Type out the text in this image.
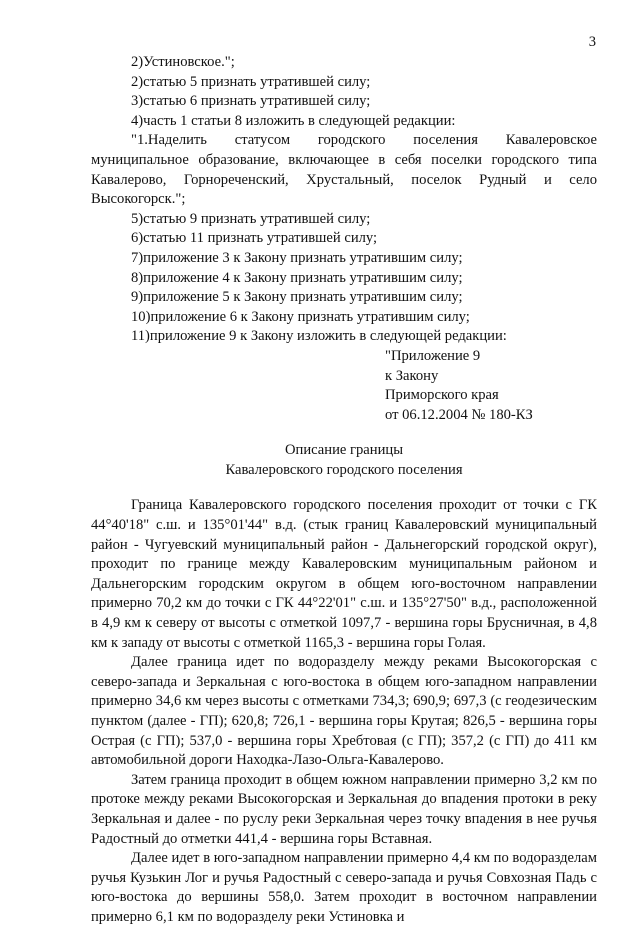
3
2)Устиновское.";
2)статью 5 признать утратившей силу;
3)статью 6 признать утратившей силу;
4)часть 1 статьи 8 изложить в следующей редакции:

"1.Наделить статусом городского поселения Кавалеровское муниципальное образование, включающее в себя поселки городского типа Кавалерово, Горнореченский, Хрустальный, поселок Рудный и село Высокогорск.";

5)статью 9 признать утратившей силу;
6)статью 11 признать утратившей силу;
7)приложение 3 к Закону признать утратившим силу;
8)приложение 4 к Закону признать утратившим силу;
9)приложение 5 к Закону признать утратившим силу;
10)приложение 6 к Закону признать утратившим силу;
11)приложение 9 к Закону изложить в следующей редакции:
"Приложение 9
к Закону
Приморского края
от 06.12.2004 № 180-КЗ
Описание границы
Кавалеровского городского поселения

Граница Кавалеровского городского поселения проходит от точки с ГК 44°40'18" с.ш. и 135°01'44" в.д. (стык границ Кавалеровский муниципальный район - Чугуевский муниципальный район - Дальнегорский городской округ), проходит по границе между Кавалеровским муниципальным районом и Дальнегорским городским округом в общем юго-восточном направлении примерно 70,2 км до точки с ГК 44°22'01" с.ш. и 135°27'50" в.д., расположенной в 4,9 км к северу от высоты с отметкой 1097,7 - вершина горы Брусничная, в 4,8 км к западу от высоты с отметкой 1165,3 - вершина горы Голая.

Далее граница идет по водоразделу между реками Высокогорская с северо-запада и Зеркальная с юго-востока в общем юго-западном направлении примерно 34,6 км через высоты с отметками 734,3; 690,9; 697,3 (с геодезическим пунктом (далее - ГП); 620,8; 726,1 - вершина горы Крутая; 826,5 - вершина горы Острая (с ГП); 537,0 - вершина горы Хребтовая (с ГП); 357,2 (с ГП) до 411 км автомобильной дороги Находка-Лазо-Ольга-Кавалерово.

Затем граница проходит в общем южном направлении примерно 3,2 км по протоке между реками Высокогорская и Зеркальная до впадения протоки в реку Зеркальная и далее - по руслу реки Зеркальная через точку впадения в нее ручья Радостный до отметки 441,4 - вершина горы Вставная.

Далее идет в юго-западном направлении примерно 4,4 км по водоразделам ручья Кузькин Лог и ручья Радостный с северо-запада и ручья Совхозная Падь с юго-востока до вершины 558,0. Затем проходит в восточном направлении примерно 6,1 км по водоразделу реки Устиновка и
